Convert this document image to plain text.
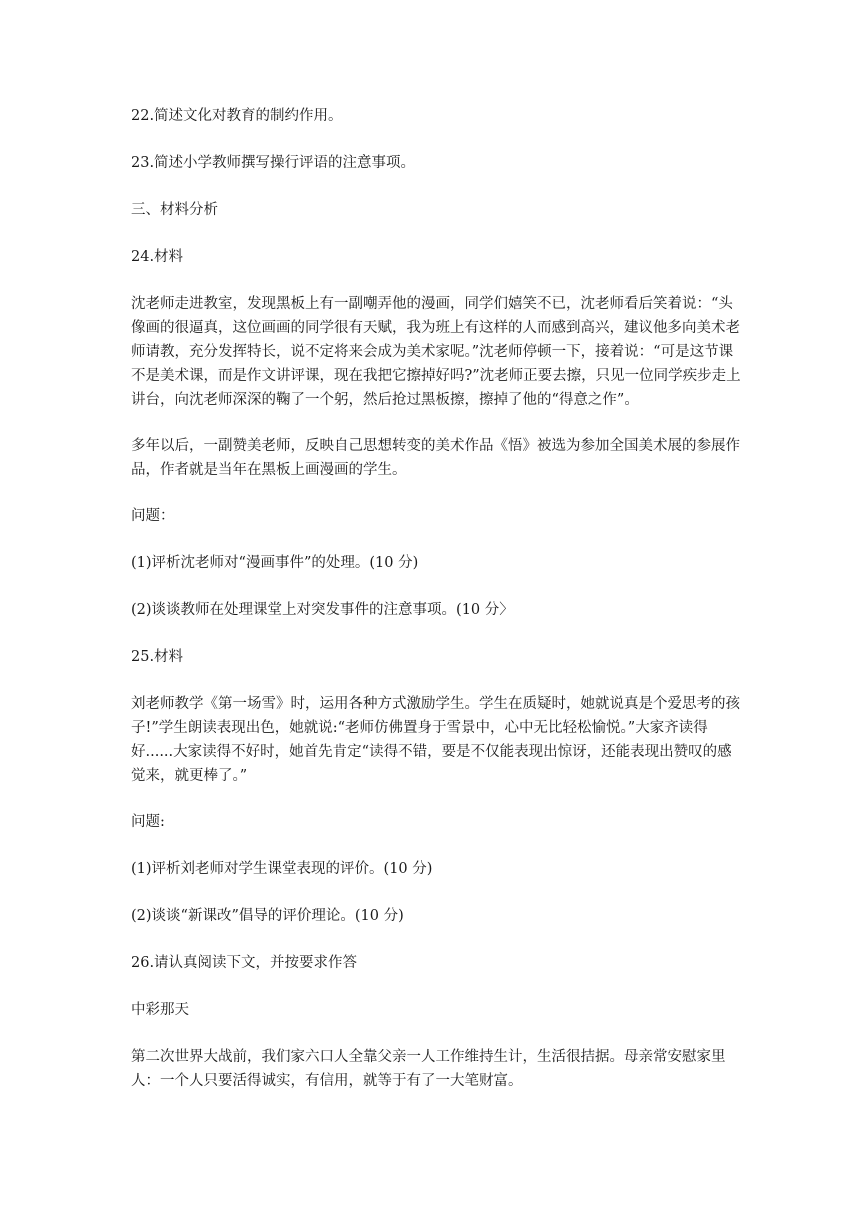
22.简述文化对教育的制约作用。

23.简述小学教师撰写操行评语的注意事项。

三、材料分析

24.材料

沈老师走进教室，发现黑板上有一副嘲弄他的漫画，同学们嬉笑不已，沈老师看后笑着说：“头像画的很逼真，这位画画的同学很有天赋，我为班上有这样的人而感到高兴，建议他多向美术老师请教，充分发挥特长，说不定将来会成为美术家呢。”沈老师停顿一下，接着说：“可是这节课不是美术课，而是作文讲评课，现在我把它擦掉好吗?”沈老师正要去擦，只见一位同学疾步走上讲台，向沈老师深深的鞠了一个躬，然后抢过黑板擦，擦掉了他的“得意之作”。

多年以后，一副赞美老师，反映自己思想转变的美术作品《悟》被选为参加全国美术展的参展作品，作者就是当年在黑板上画漫画的学生。

问题：

(1)评析沈老师对“漫画事件”的处理。(10 分)

(2)谈谈教师在处理课堂上对突发事件的注意事项。(10 分〉

25.材料

刘老师教学《第一场雪》时，运用各种方式激励学生。学生在质疑时，她就说真是个爱思考的孩子!”学生朗读表现出色，她就说:“老师仿佛置身于雪景中，心中无比轻松愉悦。”大家齐读得好......大家读得不好时，她首先肯定“读得不错，要是不仅能表现出惊讶，还能表现出赞叹的感觉来，就更棒了。”

问题:

(1)评析刘老师对学生课堂表现的评价。(10 分)

(2)谈谈“新课改”倡导的评价理论。(10 分)

26.请认真阅读下文，并按要求作答

中彩那天

第二次世界大战前，我们家六口人全靠父亲一人工作维持生计，生活很拮据。母亲常安慰家里人：一个人只要活得诚实，有信用，就等于有了一大笔财富。
